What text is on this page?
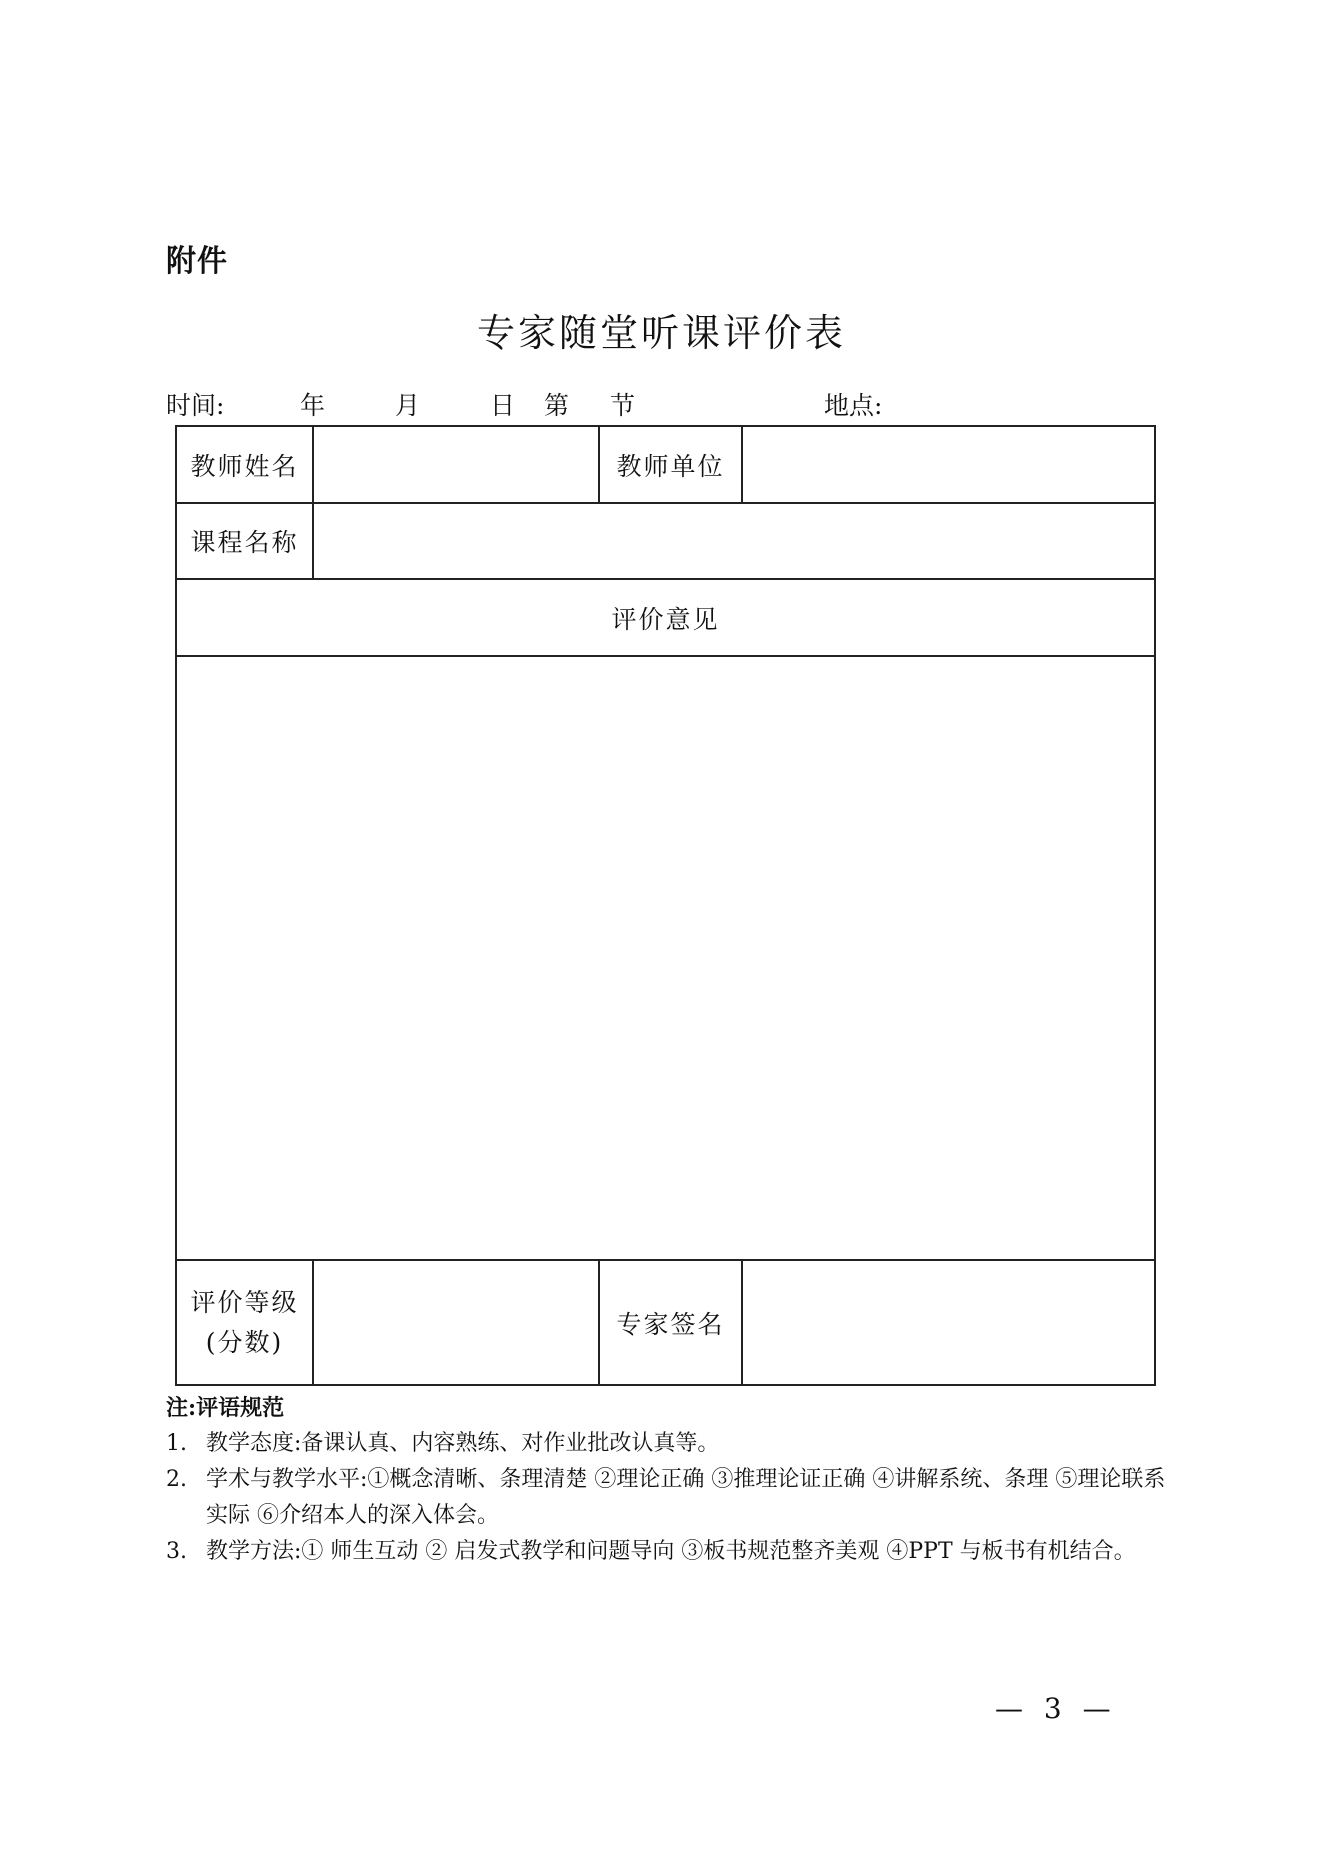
附件
专家随堂听课评价表
时间:	年	月	日 第 节	地点:
教师姓名		教师单位	
课程名称			
评价意见			

评价等级
(分数)		专家签名	
注:评语规范
1. 教学态度:备课认真、内容熟练、对作业批改认真等。
2. 学术与教学水平:①概念清晰、条理清楚 ②理论正确 ③推理论证正确 ④讲解系统、条理 ⑤理论联系实际 ⑥介绍本人的深入体会。
3. 教学方法:① 师生互动 ② 启发式教学和问题导向 ③板书规范整齐美观 ④PPT 与板书有机结合。
— 3 —
